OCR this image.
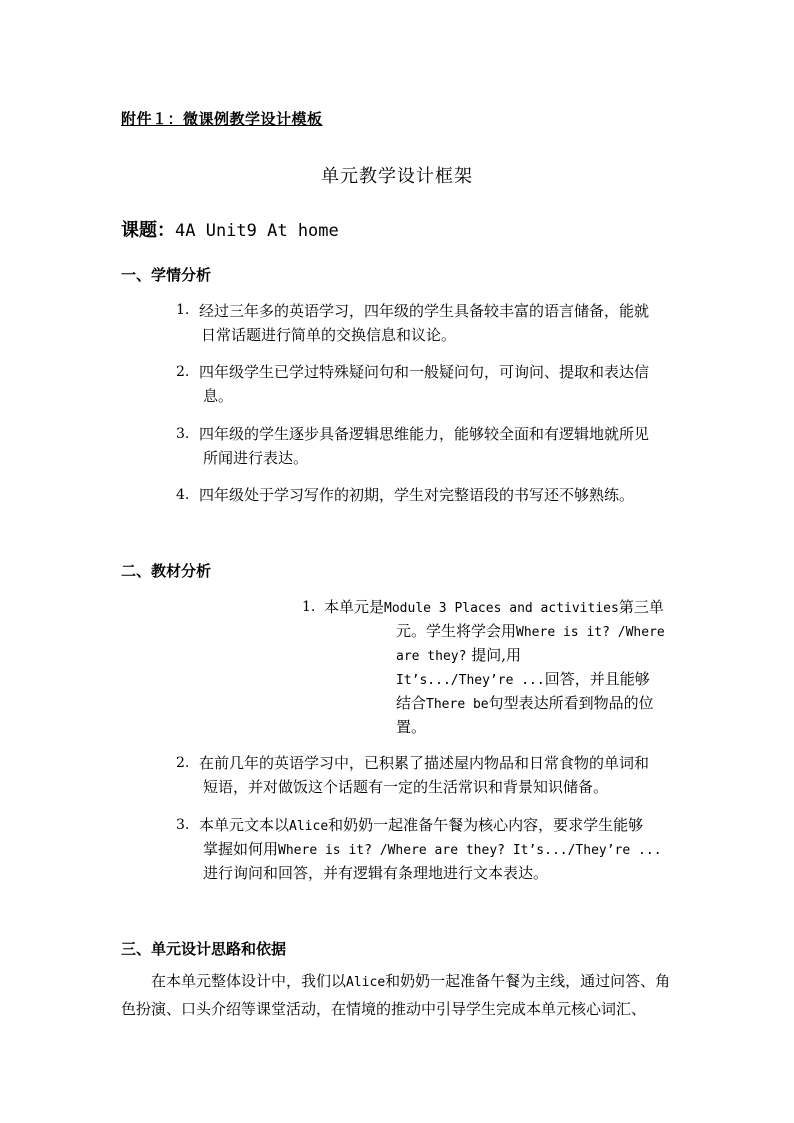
附件１：微课例教学设计模板
单元教学设计框架
课题：4A Unit9 At home
一、学情分析
1. 经过三年多的英语学习，四年级的学生具备较丰富的语言储备，能就
日常话题进行简单的交换信息和议论。
2. 四年级学生已学过特殊疑问句和一般疑问句，可询问、提取和表达信
息。
3. 四年级的学生逐步具备逻辑思维能力，能够较全面和有逻辑地就所见
所闻进行表达。
4. 四年级处于学习写作的初期，学生对完整语段的书写还不够熟练。
二、教材分析
1. 本单元是Module 3 Places and activities第三单
元。学生将学会用Where is it? /Where
are they? 提问,用
It’s.../They’re ...回答，并且能够
结合There be句型表达所看到物品的位
置。
2. 在前几年的英语学习中，已积累了描述屋内物品和日常食物的单词和
短语，并对做饭这个话题有一定的生活常识和背景知识储备。
3. 本单元文本以Alice和奶奶一起准备午餐为核心内容，要求学生能够
掌握如何用Where is it? /Where are they? It’s.../They’re ...
进行询问和回答，并有逻辑有条理地进行文本表达。
三、单元设计思路和依据
在本单元整体设计中，我们以Alice和奶奶一起准备午餐为主线，通过问答、角色扮演、口头介绍等课堂活动，在情境的推动中引导学生完成本单元核心词汇、
